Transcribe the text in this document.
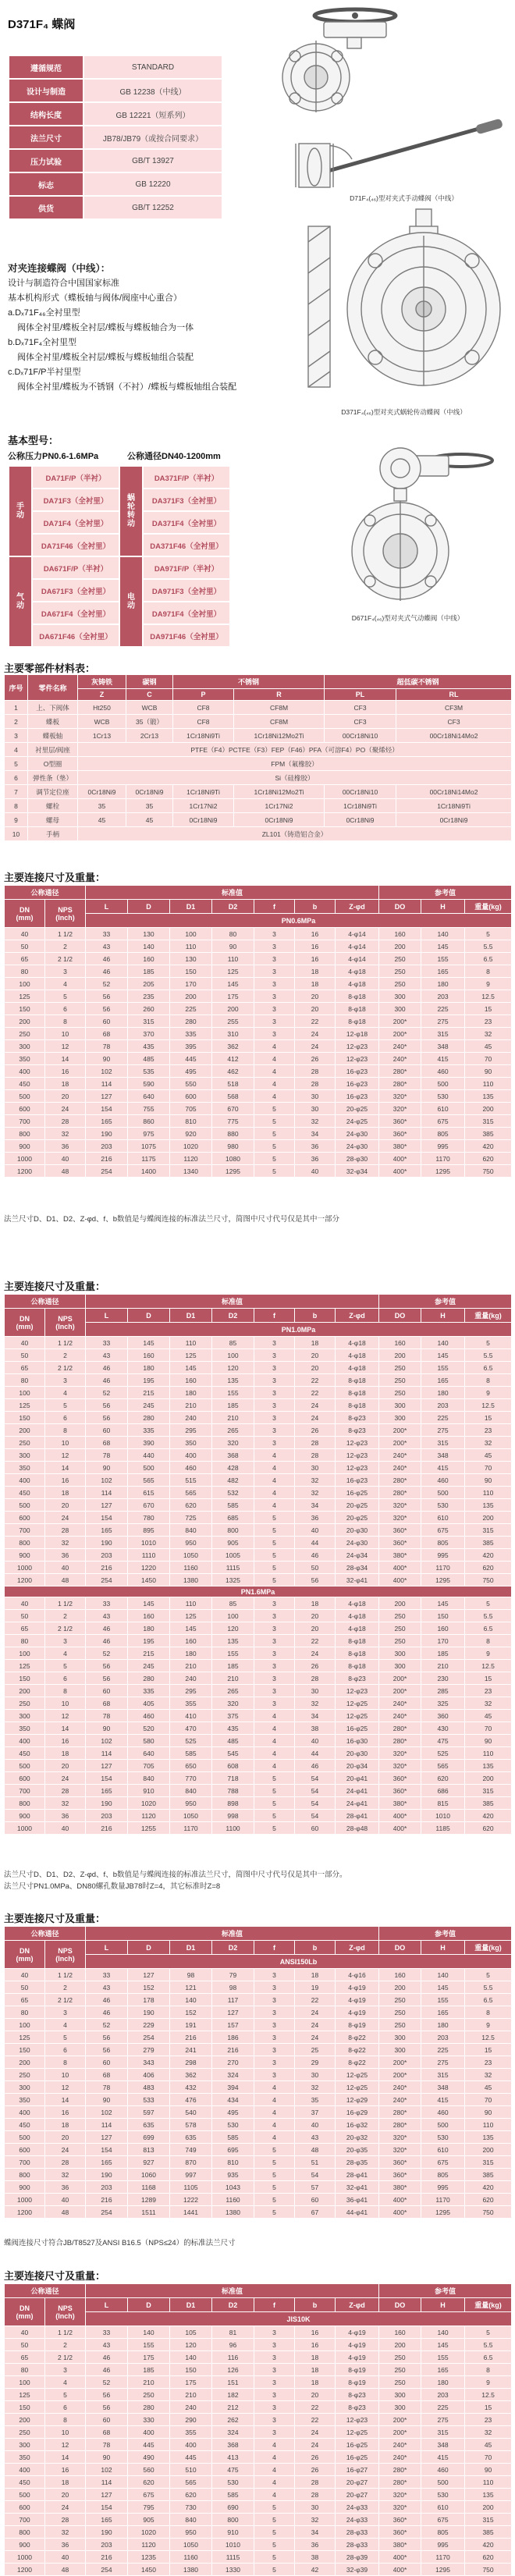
D371F₄ 蝶阀
遵循规范	STANDARD
设计与制造	GB 12238（中线）
结构长度	GB 12221（短系列）
法兰尺寸	JB78/JB79（或按合同要求）
压力试验	GB/T 13927
标志	GB 12220
供货	GB/T 12252
D71F₄(₄₆)型对夹式手动蝶阀（中线）
对夹连接蝶阀（中线）：
设计与制造符合中国国家标准
基本机构形式（蝶板轴与阀体/阀座中心重合）
a.Dₓ71F₄₆全衬里型
阀体全衬里/蝶板全衬层/蝶板与蝶板轴合为一体
b.Dₓ71F₄全衬里型
阀体全衬里/蝶板全衬层/蝶板与蝶板轴组合装配
c.Dₓ71F/P半衬里型
阀体全衬里/蝶板为不锈钢（不衬）/蝶板与蝶板轴组合装配
D371F₄(₄₆)型对夹式蜗轮传动蝶阀（中线）
基本型号：
公称压力PN0.6-1.6MPa	公称通径DN40-1200mm
手
动
	DA71F/P（半衬）	
蜗
轮
转
动
	DA371F/P（半衬）
	DA71F3（全衬里）		DA371F3（全衬里）
	DA71F4（全衬里）		DA371F4（全衬里）
	DA71F46（全衬里）		DA371F46（全衬里）

气
动
	DA671F/P（半衬）	
电
动
	DA971F/P（半衬）
	DA671F3（全衬里）		DA971F3（全衬里）
	DA671F4（全衬里）		DA971F4（全衬里）
	DA671F46（全衬里）		DA971F46（全衬里）
D671F₄(₄₆)型对夹式气动蝶阀（中线）
主要零部件材料表：
序号	零件名称	灰铸铁	碳钢	不锈钢		超低碳不锈钢	
		Z	C	P	R	PL	RL
1	上、下阀体	Ht250	WCB	CF8	CF8M	CF3	CF3M
2	蝶板	WCB	35（锻）	CF8	CF8M	CF3	CF3
3	蝶板轴	1Cr13	2Cr13	1Cr18Ni9Ti	1Cr18Ni12Mo2Ti	00Cr18Ni10	00Cr18Ni14Mo2
4	衬里层/阀座	PTFE（F4）PCTFE（F3）FEP（F46）PFA（可溶F4）PO（聚烯烃）					
5	O型圈	FPM（氟橡胶）					
6	弹性条（垫）	Si（硅橡胶）					
7	调节定位座	0Cr18Ni9	0Cr18Ni9	1Cr18Ni9Ti	1Cr18Ni12Mo2Ti	00Cr18Ni10	00Cr18Ni14Mo2
8	螺栓	35	35	1Cr17Ni2	1Cr17Ni2	1Cr18Ni9Ti	1Cr18Ni9Ti
9	螺母	45	45	0Cr18Ni9	0Cr18Ni9	0Cr18Ni9	0Cr18Ni9
10	手柄	ZL101（铸造铝合金）					
主要连接尺寸及重量：
公称通径		标准值							参考值		

DN
(mm)

NPS
(Inch)
	L	D	D1	D2	f	b	Z-φd	DO	H	重量(kg)
		PN0.6MPa									
40	1 1/2	33	130	100	80	3	16	4-φ14	160	140	5
50	2	43	140	110	90	3	16	4-φ14	200	145	5.5
65	2 1/2	46	160	130	110	3	16	4-φ14	250	155	6.5
80	3	46	185	150	125	3	18	4-φ18	250	165	8
100	4	52	205	170	145	3	18	4-φ18	250	180	9
125	5	56	235	200	175	3	20	8-φ18	300	203	12.5
150	6	56	260	225	200	3	20	8-φ18	300	225	15
200	8	60	315	280	255	3	22	8-φ18	200*	275	23
250	10	68	370	335	310	3	24	12-φ18	200*	315	32
300	12	78	435	395	362	4	24	12-φ23	240*	348	45
350	14	90	485	445	412	4	26	12-φ23	240*	415	70
400	16	102	535	495	462	4	28	16-φ23	280*	460	90
450	18	114	590	550	518	4	28	16-φ23	280*	500	110
500	20	127	640	600	568	4	30	16-φ23	320*	530	135
600	24	154	755	705	670	5	30	20-φ25	320*	610	200
700	28	165	860	810	775	5	32	24-φ25	360*	675	315
800	32	190	975	920	880	5	34	24-φ30	360*	805	385
900	36	203	1075	1020	980	5	36	24-φ30	380*	995	420
1000	40	216	1175	1120	1080	5	36	28-φ30	400*	1170	620
1200	48	254	1400	1340	1295	5	40	32-φ34	400*	1295	750
法兰尺寸D、D1、D2、Z-φd、f、b数值是与蝶阀连接的标准法兰尺寸，简图中尺寸代号仅是其中一部分
主要连接尺寸及重量：
公称通径		标准值							参考值		

DN
(mm)

NPS
(Inch)
	L	D	D1	D2	f	b	Z-φd	DO	H	重量(kg)
		PN1.0MPa									
40	1 1/2	33	145	110	85	3	18	4-φ18	160	140	5
50	2	43	160	125	100	3	20	4-φ18	200	145	5.5
65	2 1/2	46	180	145	120	3	20	4-φ18	250	155	6.5
80	3	46	195	160	135	3	22	8-φ18	250	165	8
100	4	52	215	180	155	3	22	8-φ18	250	180	9
125	5	56	245	210	185	3	24	8-φ18	300	203	12.5
150	6	56	280	240	210	3	24	8-φ23	300	225	15
200	8	60	335	295	265	3	26	8-φ23	200*	275	23
250	10	68	390	350	320	3	28	12-φ23	200*	315	32
300	12	78	440	400	368	4	28	12-φ23	240*	348	45
350	14	90	500	460	428	4	30	12-φ23	240*	415	70
400	16	102	565	515	482	4	32	16-φ23	280*	460	90
450	18	114	615	565	532	4	32	16-φ25	280*	500	110
500	20	127	670	620	585	4	34	20-φ25	320*	530	135
600	24	154	780	725	685	5	36	20-φ25	320*	610	200
700	28	165	895	840	800	5	40	20-φ30	360*	675	315
800	32	190	1010	950	905	5	44	24-φ30	360*	805	385
900	36	203	1110	1050	1005	5	46	24-φ34	380*	995	420
1000	40	216	1220	1160	1115	5	50	28-φ34	400*	1170	620
1200	48	254	1450	1380	1325	5	56	32-φ41	400*	1295	750
PN1.6MPa											
40	1 1/2	33	145	110	85	3	18	4-φ18	200	145	5
50	2	43	160	125	100	3	20	4-φ18	250	150	5.5
65	2 1/2	46	180	145	120	3	20	4-φ18	250	160	6.5
80	3	46	195	160	135	3	22	8-φ18	250	170	8
100	4	52	215	180	155	3	24	8-φ18	300	185	9
125	5	56	245	210	185	3	26	8-φ18	300	210	12.5
150	6	56	280	240	210	3	28	8-φ23	200*	230	15
200	8	60	335	295	265	3	30	12-φ23	200*	285	23
250	10	68	405	355	320	3	32	12-φ25	240*	325	32
300	12	78	460	410	375	4	34	12-φ25	240*	360	45
350	14	90	520	470	435	4	38	16-φ25	280*	430	70
400	16	102	580	525	485	4	40	16-φ30	280*	475	90
450	18	114	640	585	545	4	44	20-φ30	320*	525	110
500	20	127	705	650	608	4	46	20-φ34	320*	565	135
600	24	154	840	770	718	5	54	20-φ41	360*	620	200
700	28	165	910	840	788	5	54	24-φ41	360*	686	315
800	32	190	1020	950	898	5	54	24-φ41	380*	815	385
900	36	203	1120	1050	998	5	54	28-φ41	400*	1010	420
1000	40	216	1255	1170	1100	5	60	28-φ48	400*	1185	620
法兰尺寸D、D1、D2、Z-φd、f、b数值是与蝶阀连接的标准法兰尺寸，简图中尺寸代号仅是其中一部分。
法兰尺寸PN1.0MPa、DN80螺孔数量JB78时Z=4，其它标准时Z=8
主要连接尺寸及重量：
公称通径		标准值							参考值		

DN
(mm)

NPS
(Inch)
	L	D	D1	D2	f	b	Z-φd	DO	H	重量(kg)
		ANSI150Lb									
40	1 1/2	33	127	98	79	3	18	4-φ16	160	140	5
50	2	43	152	121	98	3	19	4-φ19	200	145	5.5
65	2 1/2	46	178	140	117	3	22	4-φ19	250	155	6.5
80	3	46	190	152	127	3	24	4-φ19	250	165	8
100	4	52	229	191	157	3	24	8-φ19	250	180	9
125	5	56	254	216	186	3	24	8-φ22	300	203	12.5
150	6	56	279	241	216	3	25	8-φ22	300	225	15
200	8	60	343	298	270	3	29	8-φ22	200*	275	23
250	10	68	406	362	324	3	30	12-φ25	200*	315	32
300	12	78	483	432	394	4	32	12-φ25	240*	348	45
350	14	90	533	476	434	4	35	12-φ29	240*	415	70
400	16	102	597	540	495	4	37	16-φ29	280*	460	90
450	18	114	635	578	530	4	40	16-φ32	280*	500	110
500	20	127	699	635	585	4	43	20-φ32	320*	530	135
600	24	154	813	749	695	5	48	20-φ35	320*	610	200
700	28	165	927	870	810	5	51	28-φ35	360*	675	315
800	32	190	1060	997	935	5	54	28-φ41	360*	805	385
900	36	203	1168	1105	1043	5	57	32-φ41	380*	995	420
1000	40	216	1289	1222	1160	5	60	36-φ41	400*	1170	620
1200	48	254	1511	1441	1380	5	67	44-φ41	400*	1295	750
蝶阀连接尺寸符合JB/T8527及ANSI B16.5（NPS≤24）的标准法兰尺寸
主要连接尺寸及重量：
公称通径		标准值							参考值		

DN
(mm)

NPS
(Inch)
	L	D	D1	D2	f	b	Z-φd	DO	H	重量(kg)
		JIS10K									
40	1 1/2	33	140	105	81	3	16	4-φ19	160	140	5
50	2	43	155	120	96	3	16	4-φ19	200	145	5.5
65	2 1/2	46	175	140	116	3	18	4-φ19	250	155	6.5
80	3	46	185	150	126	3	18	8-φ19	250	165	8
100	4	52	210	175	151	3	18	8-φ19	250	180	9
125	5	56	250	210	182	3	20	8-φ23	300	203	12.5
150	6	56	280	240	212	3	22	8-φ23	300	225	15
200	8	60	330	290	262	3	22	12-φ23	200*	275	23
250	10	68	400	355	324	3	24	12-φ25	200*	315	32
300	12	78	445	400	368	4	24	16-φ25	240*	348	45
350	14	90	490	445	413	4	26	16-φ25	240*	415	70
400	16	102	560	510	475	4	26	16-φ27	280*	460	90
450	18	114	620	565	530	4	28	20-φ27	280*	500	110
500	20	127	675	620	585	4	28	20-φ27	320*	530	135
600	24	154	795	730	690	5	30	24-φ33	320*	610	200
700	28	165	905	840	800	5	32	24-φ33	360*	675	315
800	32	190	1020	950	910	5	34	28-φ33	360*	805	385
900	36	203	1120	1050	1010	5	36	28-φ33	380*	995	420
1000	40	216	1235	1160	1115	5	38	28-φ39	400*	1170	620
1200	48	254	1450	1380	1330	5	42	32-φ39	400*	1295	750
